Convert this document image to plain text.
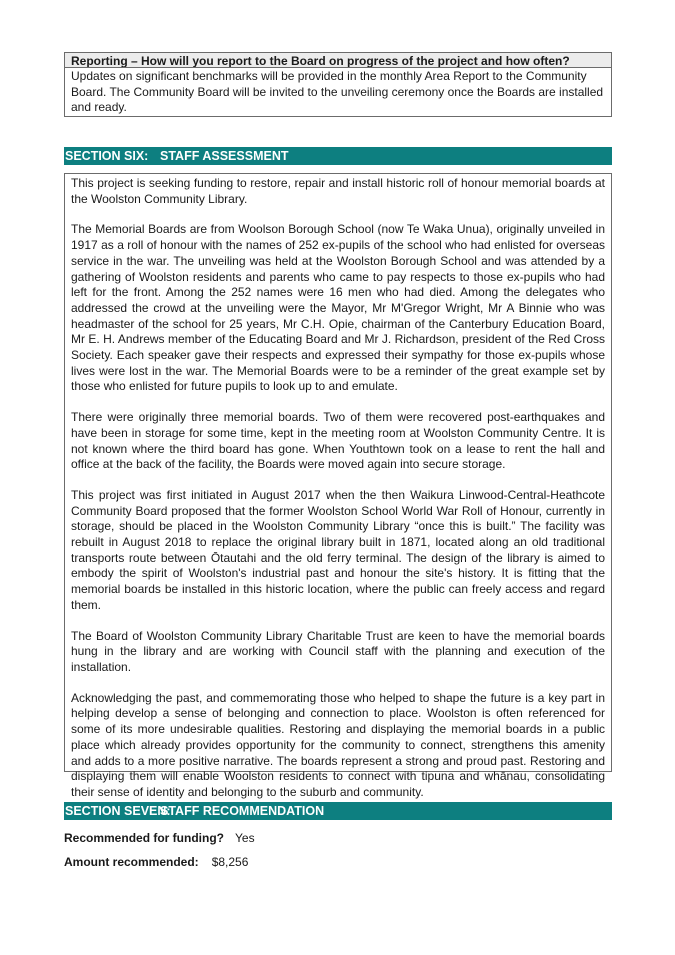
Reporting – How will you report to the Board on progress of the project and how often?
Updates on significant benchmarks will be provided in the monthly Area Report to the Community Board. The Community Board will be invited to the unveiling ceremony once the Boards are installed and ready.
SECTION SIX: STAFF ASSESSMENT

This project is seeking funding to restore, repair and install historic roll of honour memorial boards at the Woolston Community Library.

The Memorial Boards are from Woolson Borough School (now Te Waka Unua), originally unveiled in 1917 as a roll of honour with the names of 252 ex-pupils of the school who had enlisted for overseas service in the war. The unveiling was held at the Woolston Borough School and was attended by a gathering of Woolston residents and parents who came to pay respects to those ex-pupils who had left for the front. Among the 252 names were 16 men who had died. Among the delegates who addressed the crowd at the unveiling were the Mayor, Mr M'Gregor Wright, Mr A Binnie who was headmaster of the school for 25 years, Mr C.H. Opie, chairman of the Canterbury Education Board, Mr E. H. Andrews member of the Educating Board and Mr J. Richardson, president of the Red Cross Society. Each speaker gave their respects and expressed their sympathy for those ex-pupils whose lives were lost in the war. The Memorial Boards were to be a reminder of the great example set by those who enlisted for future pupils to look up to and emulate.

There were originally three memorial boards. Two of them were recovered post-earthquakes and have been in storage for some time, kept in the meeting room at Woolston Community Centre. It is not known where the third board has gone. When Youthtown took on a lease to rent the hall and office at the back of the facility, the Boards were moved again into secure storage.

This project was first initiated in August 2017 when the then Waikura Linwood-Central-Heathcote Community Board proposed that the former Woolston School World War Roll of Honour, currently in storage, should be placed in the Woolston Community Library “once this is built.” The facility was rebuilt in August 2018 to replace the original library built in 1871, located along an old traditional transports route between Ōtautahi and the old ferry terminal. The design of the library is aimed to embody the spirit of Woolston's industrial past and honour the site's history. It is fitting that the memorial boards be installed in this historic location, where the public can freely access and regard them.

The Board of Woolston Community Library Charitable Trust are keen to have the memorial boards hung in the library and are working with Council staff with the planning and execution of the installation.

Acknowledging the past, and commemorating those who helped to shape the future is a key part in helping develop a sense of belonging and connection to place. Woolston is often referenced for some of its more undesirable qualities. Restoring and displaying the memorial boards in a public place which already provides opportunity for the community to connect, strengthens this amenity and adds to a more positive narrative. The boards represent a strong and proud past. Restoring and displaying them will enable Woolston residents to connect with tipuna and whānau, consolidating their sense of identity and belonging to the suburb and community.

SECTION SEVEN:STAFF RECOMMENDATION
Recommended for funding? Yes
Amount recommended: $8,256
